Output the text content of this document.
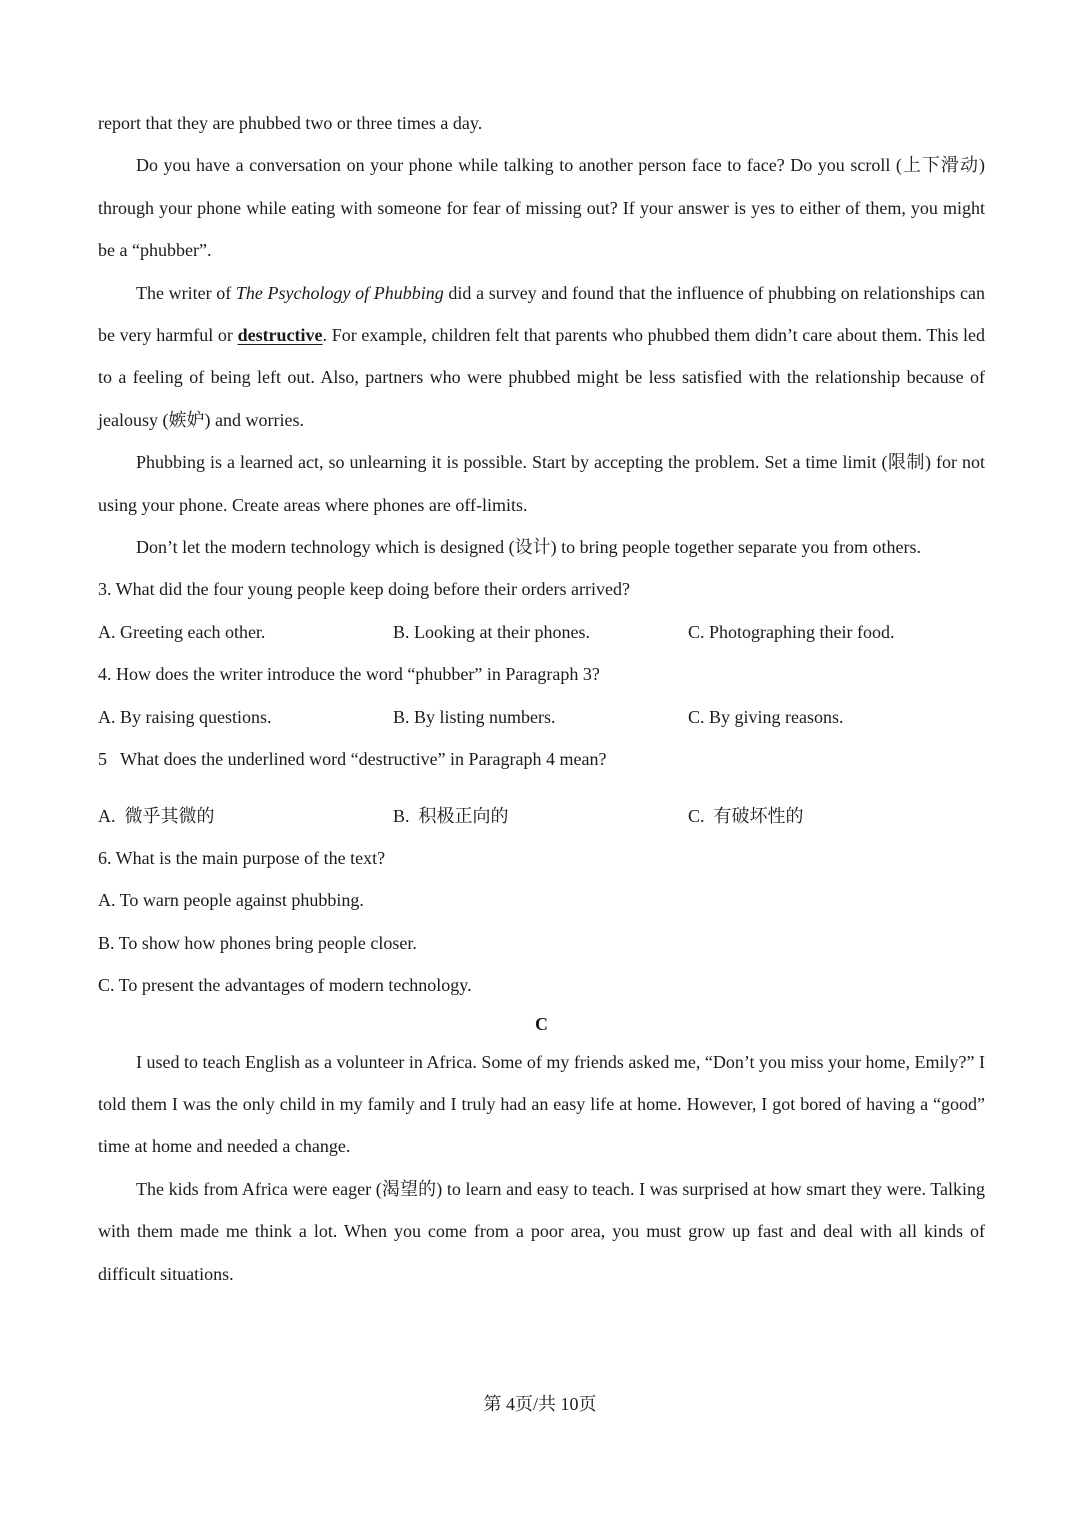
report that they are phubbed two or three times a day.

Do you have a conversation on your phone while talking to another person face to face? Do you scroll (上下滑动) through your phone while eating with someone for fear of missing out? If your answer is yes to either of them, you might be a “phubber”.

The writer of The Psychology of Phubbing did a survey and found that the influence of phubbing on relationships can be very harmful or destructive. For example, children felt that parents who phubbed them didn’t care about them. This led to a feeling of being left out. Also, partners who were phubbed might be less satisfied with the relationship because of jealousy (嫉妒) and worries.

Phubbing is a learned act, so unlearning it is possible. Start by accepting the problem. Set a time limit (限制) for not using your phone. Create areas where phones are off-limits.

Don’t let the modern technology which is designed (设计) to bring people together separate you from others.

3. What did the four young people keep doing before their orders arrived?

A. Greeting each other.	B. Looking at their phones.	C. Photographing their food.

4. How does the writer introduce the word “phubber” in Paragraph 3?

A. By raising questions.	B. By listing numbers.	C. By giving reasons.

5   What does the underlined word “destructive” in Paragraph 4 mean?

A.  微乎其微的	B.  积极正向的	C.  有破坏性的

6. What is the main purpose of the text?

A. To warn people against phubbing.

B. To show how phones bring people closer.

C. To present the advantages of modern technology.

C

I used to teach English as a volunteer in Africa. Some of my friends asked me, “Don’t you miss your home, Emily?” I told them I was the only child in my family and I truly had an easy life at home. However, I got bored of having a “good” time at home and needed a change.

The kids from Africa were eager (渴望的) to learn and easy to teach. I was surprised at how smart they were. Talking with them made me think a lot. When you come from a poor area, you must grow up fast and deal with all kinds of difficult situations.

第 4页/共 10页
